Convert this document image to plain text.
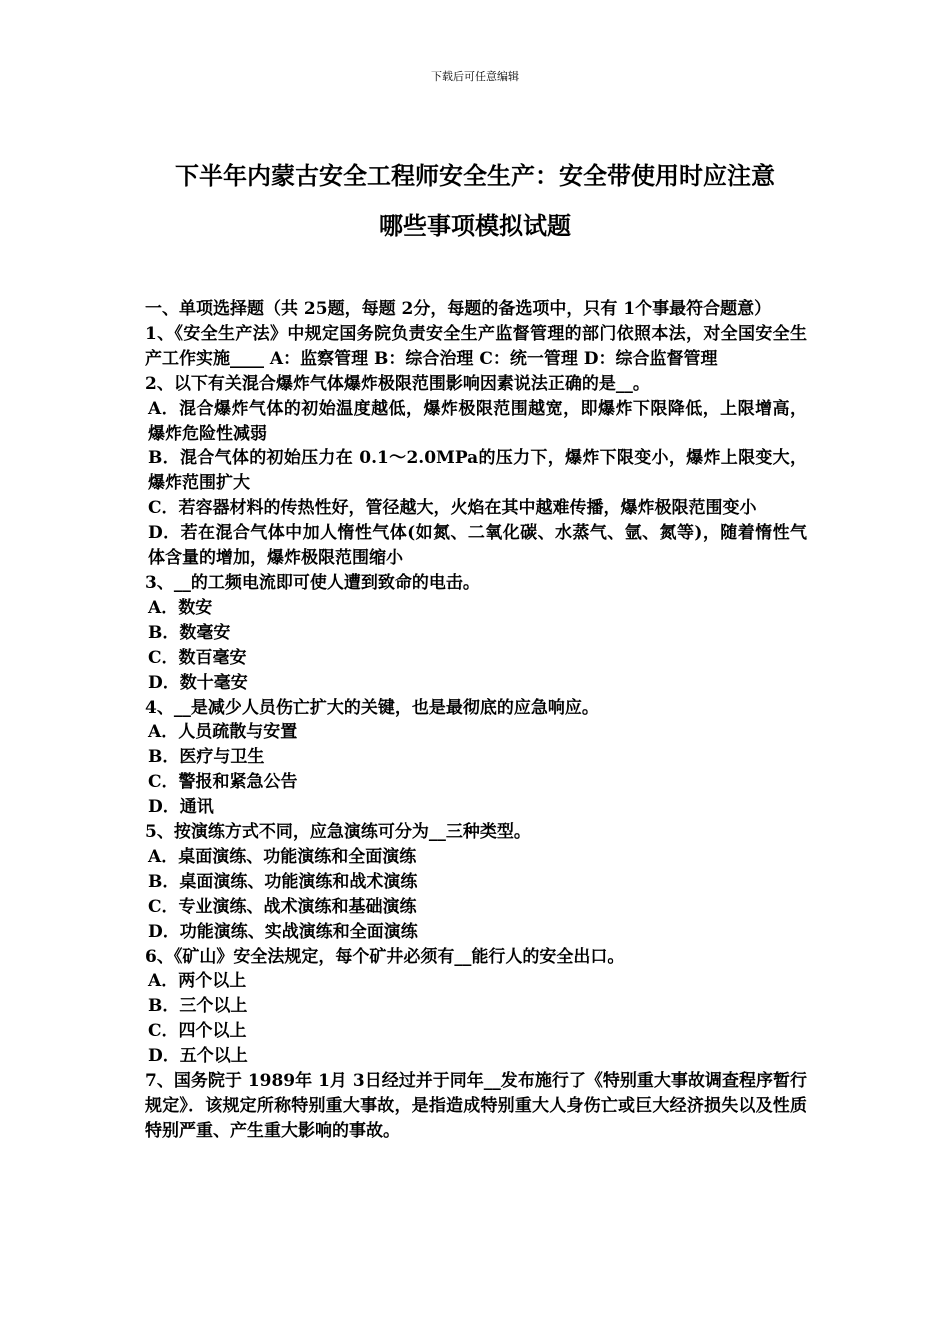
下载后可任意编辑
下半年内蒙古安全工程师安全生产：安全带使用时应注意
哪些事项模拟试题

一、单项选择题（共 25题，每题 2分，每题的备选项中，只有 1个事最符合题意）

1、《安全生产法》中规定国务院负责安全生产监督管理的部门依照本法，对全国安全生产工作实施____ A：监察管理 B：综合治理 C：统一管理 D：综合监督管理

2、以下有关混合爆炸气体爆炸极限范围影响因素说法正确的是__。

A．混合爆炸气体的初始温度越低，爆炸极限范围越宽，即爆炸下限降低，上限增高，爆炸危险性减弱

B．混合气体的初始压力在 0.1～2.0MPa的压力下，爆炸下限变小，爆炸上限变大，爆炸范围扩大

C．若容器材料的传热性好，管径越大，火焰在其中越难传播，爆炸极限范围变小

D．若在混合气体中加人惰性气体(如氮、二氧化碳、水蒸气、氩、氮等)，随着惰性气体含量的增加，爆炸极限范围缩小

3、__的工频电流即可使人遭到致命的电击。

A．数安

B．数毫安

C．数百毫安

D．数十毫安

4、__是减少人员伤亡扩大的关键，也是最彻底的应急响应。

A．人员疏散与安置

B．医疗与卫生

C．警报和紧急公告

D．通讯

5、按演练方式不同，应急演练可分为__三种类型。

A．桌面演练、功能演练和全面演练

B．桌面演练、功能演练和战术演练

C．专业演练、战术演练和基础演练

D．功能演练、实战演练和全面演练

6、《矿山》安全法规定，每个矿井必须有__能行人的安全出口。

A．两个以上

B．三个以上

C．四个以上

D．五个以上

7、国务院于 1989年 1月 3日经过并于同年__发布施行了《特别重大事故调查程序暂行规定》．该规定所称特别重大事故，是指造成特别重大人身伤亡或巨大经济损失以及性质特别严重、产生重大影响的事故。
